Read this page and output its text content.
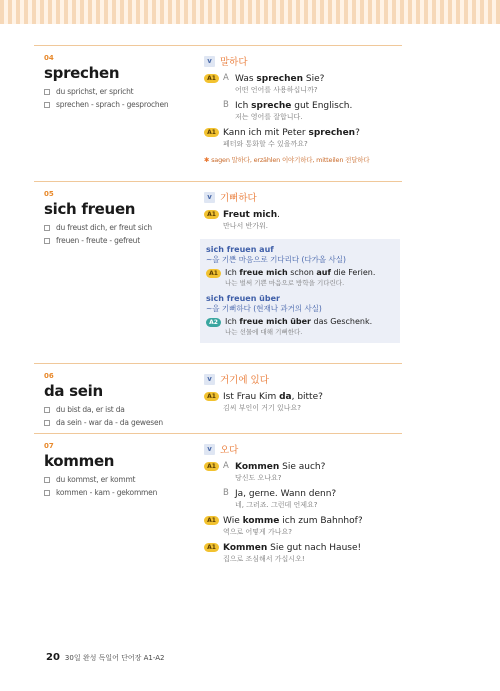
04
sprechen
du sprichst, er spricht
sprechen - sprach - gesprochen
v 말하다
A1 A Was sprechen Sie?
어떤 언어를 사용하십니까?
B Ich spreche gut Englisch.
저는 영어를 잘합니다.
A1 Kann ich mit Peter sprechen?
페터와 통화할 수 있을까요?
✱ sagen 말하다, erzählen 이야기하다, mitteilen 전달하다
05
sich freuen
du freust dich, er freut sich
freuen - freute - gefreut
v 기뻐하다
A1 Freut mich.
만나서 반가워.
sich freuen auf
~을 기쁜 마음으로 기다리다 (다가올 사실)
A1 Ich freue mich schon auf die Ferien.
나는 벌써 기쁜 마음으로 방학을 기다린다.
sich freuen über
~을 기뻐하다 (현재나 과거의 사실)
A2 Ich freue mich über das Geschenk.
나는 선물에 대해 기뻐한다.
06
da sein
du bist da, er ist da
da sein - war da - da gewesen
v 거기에 있다
A1 Ist Frau Kim da, bitte?
김씨 부인이 거기 있나요?
07
kommen
du kommst, er kommt
kommen - kam - gekommen
v 오다
A1 A Kommen Sie auch?
당신도 오나요?
B Ja, gerne. Wann denn?
네, 그러죠. 그런데 언제요?
A1 Wie komme ich zum Bahnhof?
역으로 어떻게 가나요?
A1 Kommen Sie gut nach Hause!
집으로 조심해서 가십시오!
20 30일 완성 독일어 단어장 A1-A2
